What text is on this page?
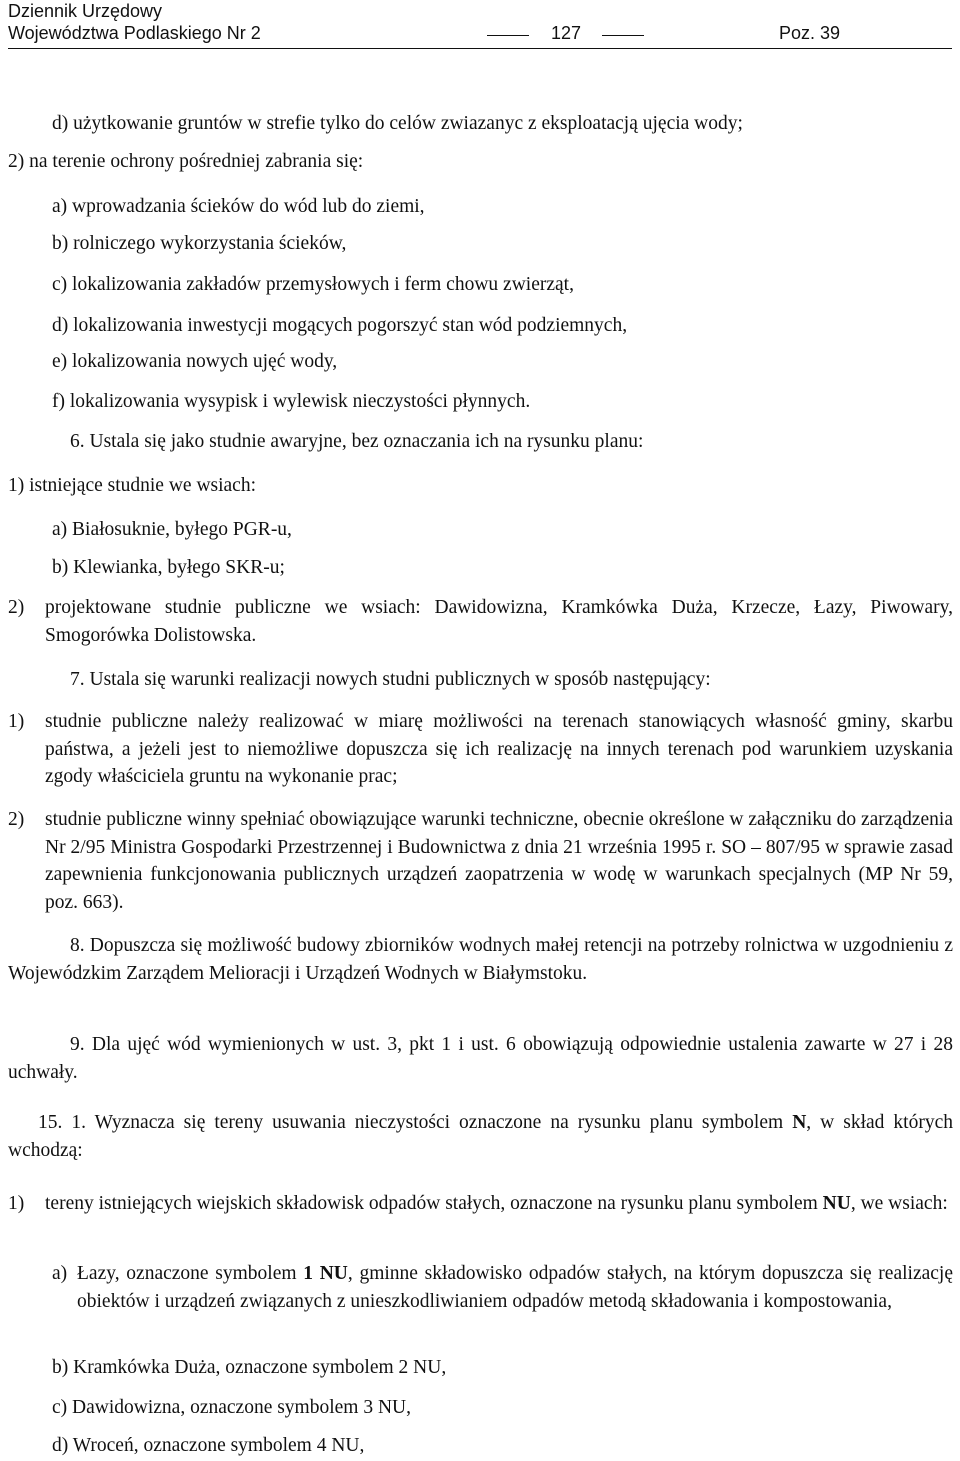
Dziennik Urzędowy
Województwa Podlaskiego Nr 2	127	Poz. 39
d) użytkowanie gruntów w strefie tylko do celów zwiazanyc z eksploatacją ujęcia wody;
2) na terenie ochrony pośredniej zabrania się:
a) wprowadzania ścieków do wód lub do ziemi,
b) rolniczego wykorzystania ścieków,
c) lokalizowania zakładów przemysłowych i ferm chowu zwierząt,
d) lokalizowania inwestycji mogących pogorszyć stan wód podziemnych,
e) lokalizowania nowych ujęć wody,
f) lokalizowania wysypisk i wylewisk nieczystości płynnych.
6. Ustala się jako studnie awaryjne, bez oznaczania ich na rysunku planu:
1) istniejące studnie we wsiach:
a) Białosuknie, byłego PGR-u,
b) Klewianka, byłego SKR-u;
2) projektowane studnie publiczne we wsiach: Dawidowizna, Kramkówka Duża, Krzecze, Łazy, Piwowary, Smogorówka Dolistowska.
7. Ustala się warunki realizacji nowych studni publicznych w sposób następujący:
1) studnie publiczne należy realizować w miarę możliwości na terenach stanowiących własność gminy, skarbu państwa, a jeżeli jest to niemożliwe dopuszcza się ich realizację na innych terenach pod warunkiem uzyskania zgody właściciela gruntu na wykonanie prac;
2) studnie publiczne winny spełniać obowiązujące warunki techniczne, obecnie określone w załączniku do zarządzenia Nr 2/95 Ministra Gospodarki Przestrzennej i Budownictwa z dnia 21 września 1995 r. SO – 807/95 w sprawie zasad zapewnienia funkcjonowania publicznych urządzeń zaopatrzenia w wodę w warunkach specjalnych (MP Nr 59, poz. 663).
8. Dopuszcza się możliwość budowy zbiorników wodnych małej retencji na potrzeby rolnictwa w uzgodnieniu z Wojewódzkim Zarządem Melioracji i Urządzeń Wodnych w Białymstoku.
9. Dla ujęć wód wymienionych w ust. 3, pkt 1 i ust. 6 obowiązują odpowiednie ustalenia zawarte w 27 i 28 uchwały.
15. 1. Wyznacza się tereny usuwania nieczystości oznaczone na rysunku planu symbolem N, w skład których wchodzą:
1) tereny istniejących wiejskich składowisk odpadów stałych, oznaczone na rysunku planu symbolem NU, we wsiach:
a) Łazy, oznaczone symbolem 1 NU, gminne składowisko odpadów stałych, na którym dopuszcza się realizację obiektów i urządzeń związanych z unieszkodliwianiem odpadów metodą składowania i kompostowania,
b) Kramkówka Duża, oznaczone symbolem 2 NU,
c) Dawidowizna, oznaczone symbolem 3 NU,
d) Wroceń, oznaczone symbolem 4 NU,
